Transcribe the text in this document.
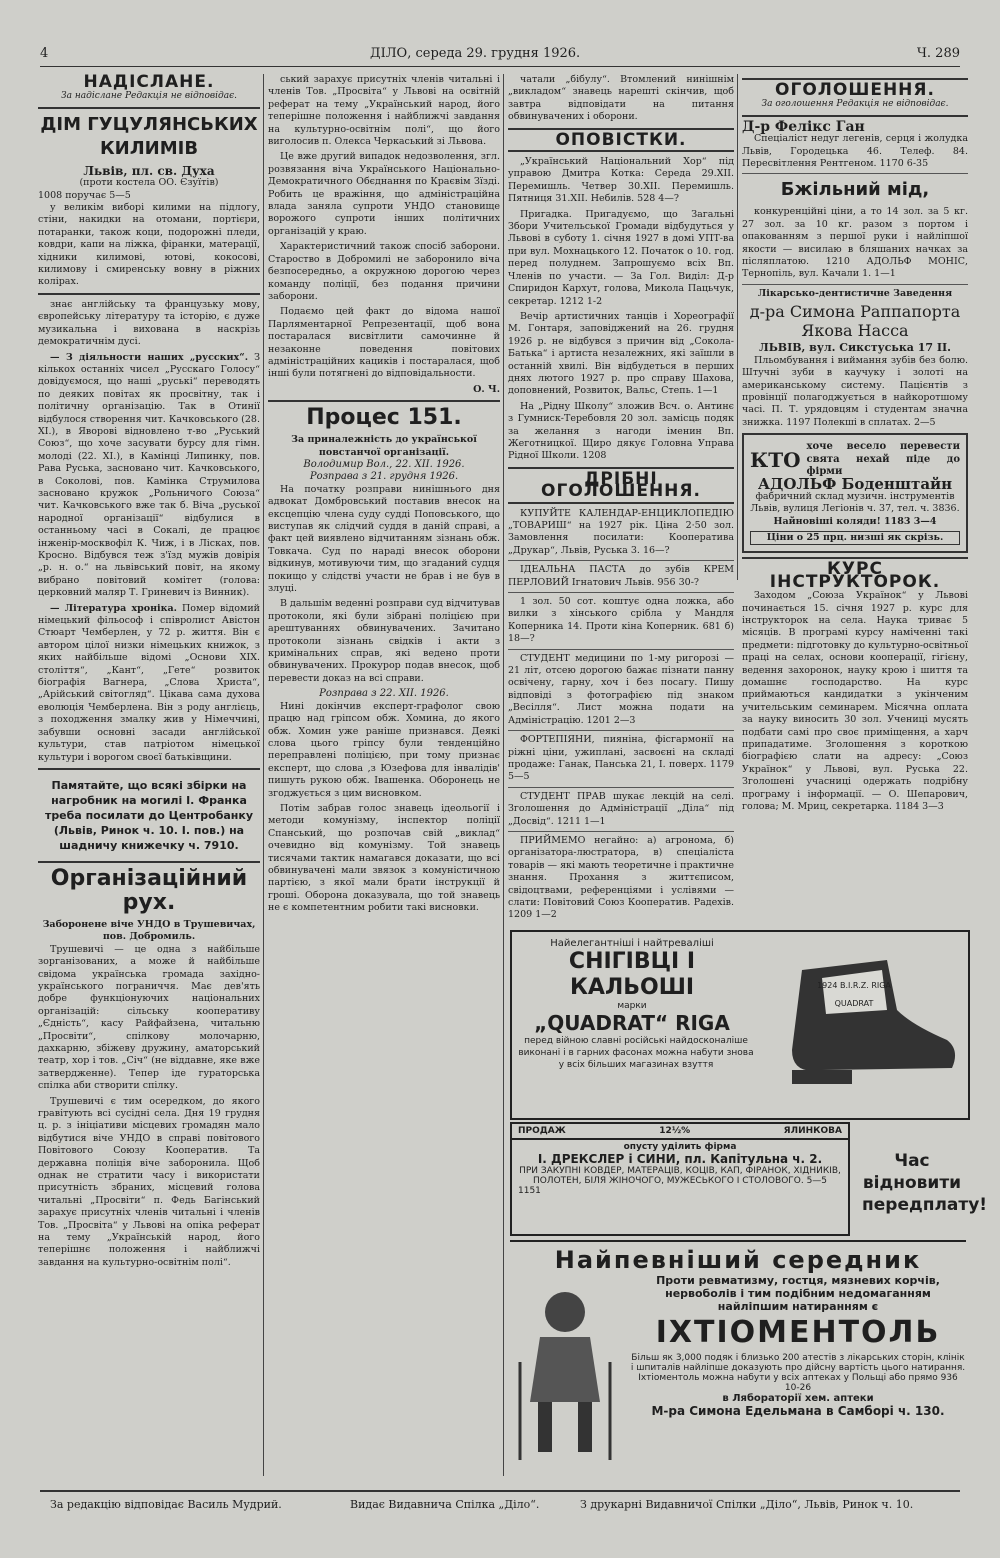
4	ДІЛО, середа 29. грудня 1926.	Ч. 289
НАДІСЛАНЕ.
За надіслане Редакція не відповідає.
ДІМ ГУЦУЛЯНСЬКИХ КИЛИМІВ
Львів, пл. св. Духа
(проти костела ОО. Єзуїтів)
1008 поручає 5—5

у великім виборі килими на підлогу, стіни, накидки на отомани, портієри, потаранки, також коци, подорожні пледи, ковдри, капи на ліжка, фіранки, матерації, хідники килимові, ютові, кокосові, килимову і смиренську вовну в ріжних колірах.

знає англійську та французьку мову, європейську літературу та історію, є дуже музикальна і вихована в наскрізь демократичнім дусі.

— З діяльности наших „русских“. З кількох останніх чисел „Русскаго Голосу“ довідуємося, що наші „руські“ переводять по деяких повітах як просвітну, так і політичну організацію. Так в Отинії відбулося створення чит. Качковського (28. XI.), в Яворові відновлено т-во „Руський Союз“, що хоче засувати бурсу для гімн. молоді (22. XI.), в Камінці Липинку, пов. Рава Руська, засновано чит. Качковського, в Соколові, пов. Камінка Струмилова засновано кружок „Рольничого Союза“ чит. Качковського вже так б. Віча „руської народної організації“ відбулися в останньому часі в Сокалі, де працює інженір-москвофіл К. Чиж, і в Лісках, пов. Кросно. Відбувся теж з'їзд мужів довірія „р. н. о.“ на львівський повіт, на якому вибрано повітовий комітет (голова: церковний маляр Т. Гриневич із Винник).

— Література хроніка. Помер відомий німецький фільософ і співролист Авістон Стюарт Чемберлен, у 72 р. життя. Він є автором цілої низки німецьких книжок, з яких найбільше відомі „Основи XIX. століття“, „Кант“, „Гете“ розвиток біографія Вагнера, „Слова Христа“, „Арійський світогляд“. Цікава сама духова еволюція Чемберлена. Він з роду англієць, з походження змалку жив у Німеччині, забувши основні засади англійської культури, став патріотом німецької культури і ворогом своєї батьківщини.

Памятайте, що всякі збірки на нагробник на могилі І. Франка треба посилати до Центробанку (Львів, Ринок ч. 10. І. пов.) на шадничу книжечку ч. 7910.
Організаційний рух.
Заборонене віче УНДО в Трушевичах, пов. Добромиль.

Трушевичі — це одна з найбільше зорганізованих, а може й найбільше свідома українська громада західно-українського пограниччя. Має дев'ять добре функціонуючих національних організацій: сільську кооперативу „Єдність“, касу Райфайзена, читальню „Просвіти“, спілкову молочарню, дахкарню, збіжеву дружину, аматорський театр, хор і тов. „Січ“ (не віддавне, яке вже затвердженне). Тепер іде гураторська спілка аби створити спілку.

Трушевичі є тим осередком, до якого гравітують всі сусідні села. Дня 19 грудня ц. р. з ініціативи місцевих громадян мало відбутися віче УНДО в справі повітового Повітового Союзу Кооператив. Та державна поліція віче заборонила. Щоб однак не стратити часу і використати присутність збраних, місцевий голова читальні „Просвіти“ п. Федь Багінський зарахує присутніх членів читальні і членів Тов. „Просвіта“ у Львові на опіка реферат на тему „Українській народ, його теперішнє положення і найближчі завдання на культурно-освітнім полі“.

ський зарахує присутніх членів читальні і членів Тов. „Просвіта“ у Львові на освітній реферат на тему „Український народ, його теперішне положення і найближчі завдання на культурно-освітнім полі“, що його виголосив п. Олекса Черкаський зі Львова.

Це вже другий випадок недозволення, згл. розвязання віча Українського Національно-Демократичного Обєднання по Краєвім Зїзді. Робить це вражіння, що адміністраційна влада заняла супроти УНДО становище ворожого супроти інших політичних організацій у краю.

Характеристичний також спосіб заборони. Староство в Добромилі не заборонило віча безпосередньо, а окружною дорогою через команду поліції, без подання причини заборони.

Подаємо цей факт до відома нашої Парляментарної Репрезентації, щоб вона постаралася висвітлити самочинне й незаконне поведення повітових адміністраційних кацикiв і постаралася, щоб інші були потягнені до відповідальности.

О. Ч.
Процес 151.
За приналежність до української повстанчої організації.
Володимир Вол., 22. ХІІ. 1926.
Розправа з 21. грудня 1926.

На початку розправи нинішнього дня адвокат Домбровський поставив внесок на ексцепцію члена суду судді Поповського, що виступав як слідчий суддя в даній справі, а факт цей виявлено відчитанням зізнань обж. Товкача. Суд по нараді внесок оборони відкинув, мотивуючи тим, що згаданий судця покищо у слідстві участи не брав і не був в злуці.

В дальшім веденні розправи суд відчитував протоколи, які були зібрані поліцією при арештуваннях обвинувачених. Зачитано протоколи зізнань свідків і акти з кримінальних справ, які ведено проти обвинувачених. Прокурор подав внесок, щоб перевести доказ на всі справи.

Розправа з 22. ХІІ. 1926.

Нині докінчив експерт-графолог свою працю над гріпсом обж. Хомина, до якого обж. Хомин уже раніше признався. Деякі слова цього гріпсу були тенденційно переправлені поліцією, при тому признає експерт, що слова ,з Юзефова для інвалідів' пишуть рукою обж. Івашенка. Оборонець не згоджується з цим висновком.

Потім забрав голос знавець ідеольогії і методи комунізму, інспектор поліції Спанський, що розпочав свій „виклад“ очевидно від комунізму. Той знавець тисячами тактик намагався доказати, що всі обвинувачені мали звязок з комуністичною партією, з якої мали брати інструкції й гроші. Оборона доказувала, що той знавець не є компетентним робити такі висновки.

чатали „бібулу“. Втомлений нинішнім „викладом“ знавець нарешті скінчив, щоб завтра відповідати на питання обвинувачених і оборони.

ОПОВІСТКИ.

„Український Національний Хор“ під управою Дмитра Котка: Середа 29.XII. Перемишль. Четвер 30.XII. Перемишль. Пятниця 31.XII. Небилів. 528 4—?

Пригадка. Пригадуємо, що Загальні Збори Учительської Громади відбудуться у Львові в суботу 1. січня 1927 в домі УПТ-ва при вул. Мохнацького 12. Початок о 10. год. перед полуднем. Запрошуємо всіх Вп. Членів по участи. — За Гол. Виділ: Д-р Спиридон Кархут, голова, Микола Пацьчук, секретар. 1212 1-2

Вечір артистичних танців і Хореографії М. Гонтаря, заповіджений на 26. грудня 1926 р. не відбувся з причин від „Сокола-Батька“ і артиста незалежних, які заїшли в останній хвилі. Він відбудеться в перших днях лютого 1927 р. про справу Шахова, доповнений, Розвиток, Вальс, Степь. 1—1

На „Рідну Школу“ зложив Всч. о. Антинє з Гумниск-Теребовля 20 зол. замісць подяк за желання з нагоди іменин Вп. Жеготницкої. Щиро дякує Головна Управа Рідної Школи. 1208

ДРІБНІ ОГОЛОШЕННЯ.

КУПУЙТЕ КАЛЕНДАР-ЕНЦИКЛОПЕДІЮ „ТОВАРИШ“ на 1927 рік. Ціна 2·50 зол. Замовлення посилати: Кооператива „Друкар“, Львів, Руська 3. 16—?

ІДЕАЛЬНА ПАСТА до зубів КРЕМ ПЕРЛОВИЙ Ігнатович Львів. 956 30-?

1 зол. 50 сот. коштує одна ложка, або вилки з хінського срібла у Мандля Коперника 14. Проти кіна Коперник. 681 б) 18—?

СТУДЕНТ медицини по 1-му ригорозі — 21 літ, отсею дорогою бажає пізнати панну освічену, гарну, хоч і без посагу. Пишу відповіді з фотографією під знаком „Весілля“. Лист можна подати на Адміністрацію. 1201 2—3

ФОРТЕПІЯНИ, пияніна, фісгармонії на ріжні ціни, ужиплані, засвоєні на складі продаже: Ганак, Панська 21, І. поверх. 1179 5—5

СТУДЕНТ ПРАВ шукає лекцій на селі. Зголошення до Адміністрації „Діла“ під „Досвід“. 1211 1—1

ПРИЙМЕМО негайно: а) агронома, б) організатора-люстратора, в) спеціаліста товарів — які мають теоретичне і практичне знання. Прохання з життєписом, свідоцтвами, референціями і услівями — слати: Повітовий Союз Кооператив. Радехів. 1209 1—2

ОГОЛОШЕННЯ.
За оголошення Редакція не відповідає.
Д-р Фелікс Ган

Спеціаліст недуг легенів, серця і жолудка Львів, Городецька 46. Телеф. 84. Пересвітлення Рентгеном. 1170 6-35

Бжільний мід,

конкуренційні ціни, а то 14 зол. за 5 кг. 27 зол. за 10 кг. разом з портом і опакованням з першої руки і найліпшої якости — висилаю в бляшаних начках за післяплатою. 1210 АДОЛЬФ МОНІС, Тернопіль, вул. Качали 1. 1—1

Лікарсько-дентистичне Заведення
д-ра Симона Раппапорта Якова Насса
ЛЬВІВ, вул. Сикстуська 17 II.

Пльомбування і виймання зубів без болю. Штучні зуби в каучуку і золоті на американському систему. Пацієнтів з провінції полагоджується в найкоротшому часі. П. Т. урядовцям і студентам значна знижка. 1197 Полекші в сплатах. 2—5

КТО
хоче весело перевести свята нехай піде до фірми
АДОЛЬФ Боденштайн
фабричний склад музичн. інструментів Львів, вулиця Легіонів ч. 37, тел. ч. 3836.
Найновіші коляди! 1183 3—4
Ціни о 25 прц. низші як скрізь.
КУРС ІНСТРУКТОРОК.

Заходом „Союза Українок“ у Львові починається 15. січня 1927 р. курс для інструкторок на села. Наука триває 5 місяців. В програмі курсу наміченні такі предмети: підготовку до культурно-освітньої праці на селах, основи кооперації, гігієну, ведення захоронок, науку крою і шиття та домашнє господарство. На курс приймаються кандидатки з укінченим учительським семинарем. Місячна оплата за науку виносить 30 зол. Учениці мусять подбати самі про своє приміщення, а харч припадатиме. Зголошення з короткою біографією слати на адресу: „Союз Українок“ у Львові, вул. Руська 22. Зголошені учасниці одержать подрібну програму і інформації. — О. Шепарович, голова; М. Мриц, секретарка. 1184 3—3

Найелегантніші і найтревaліші
СНІГІВЦІ І КАЛЬОШІ
марки
„QUADRAT“ RIGA
перед війною славні російські найдосконаліше виконані і в гарних фасонах можна набути знова у всіх більших магазинах взуття
1924 B.I.R.Z. RIGA
QUADRAT
ПРОДАЖ	12½%	ЯЛИНКОВА
опусту уділить фірма
І. ДРЕКСЛЕР і СИНИ, пл. Капітульна ч. 2.
ПРИ ЗАКУПНІ КОВДЕР, МАТЕРАЦІВ, КОЦІВ, КАП, ФІРАНОК, ХІДНИКІВ, ПОЛОТЕН, БІЛЯ ЖІНОЧОГО, МУЖЕСЬКОГО І СТОЛОВОГО. 5—5
1151
Час відновити передплату!
Найпевніший середник
Проти ревматизму, гостця, мязневих корчів, нервоболів і тим подібним недомаганням найліпшим натиранням є
ІХТІОМЕНТОЛЬ
Більш як 3,000 подяк і близько 200 атестів з лікарських сторін, клінік і шпиталів найліпше доказують про дійсну вартість цього натирання.
Іхтіоментоль можна набути у всіх аптеках у Польщі або прямо 936 10-26
в Лябораторії хем. аптеки
М-ра Симона Едельмана в Самборі ч. 130.
За редакцію відповідає Василь Мудрий.	Видає Видавнича Спілка „Діло“.	З друкарні Видавничої Спілки „Діло“, Львів, Ринок ч. 10.
